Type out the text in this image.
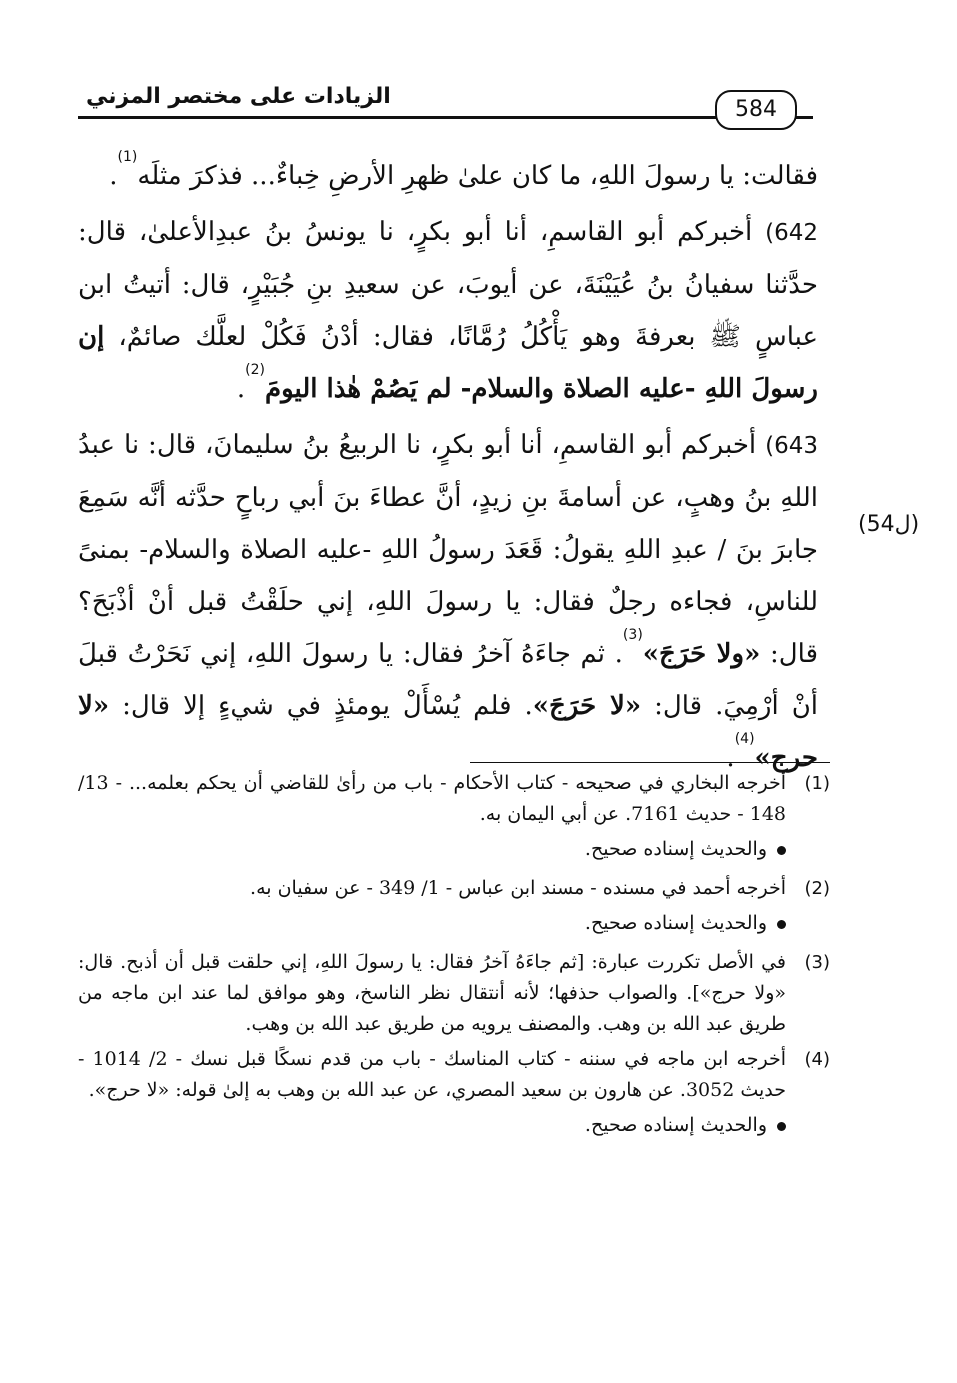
الزيادات على مختصر المزني
584
(ل54)

فقالت: يا رسولَ اللهِ، ما كان علىٰ ظهرِ الأرضِ خِباءٌ... فذكرَ مثلَه$^{(1)}$.

642) أخبركم أبو القاسمِ، أنا أبو بكرٍ، نا يونسُ بنُ عبدِالأعلىٰ، قال: حدَّثنا سفيانُ بنُ عُيَيْنَةَ، عن أيوبَ، عن سعيدِ بنِ جُبَيْرٍ، قال: أتيتُ ابن عباسٍ ﷺ بعرفةَ وهو يَأْكُلُ رُمَّانًا، فقال: أدْنُ فَكُلْ لعلَّك صائمٌ، إن رسولَ اللهِ -عليه الصلاة والسلام- لم يَصُمْ هٰذا اليومَ$^{(2)}$.

643) أخبركم أبو القاسمِ، أنا أبو بكرٍ، نا الربيعُ بنُ سليمانَ، قال: نا عبدُ اللهِ بنُ وهبٍ، عن أسامةَ بنِ زيدٍ، أنَّ عطاءَ بنَ أبي رباحٍ حدَّثه أنَّه سَمِعَ جابرَ بنَ / عبدِ اللهِ يقولُ: قَعَدَ رسولُ اللهِ -عليه الصلاة والسلام- بمنىً للناسِ، فجاءه رجلٌ فقال: يا رسولَ اللهِ، إني حلَقْتُ قبل أنْ أذْبَحَ؟ قال: «ولا حَرَجَ»$^{(3)}$. ثم جاءَهُ آخرُ فقال: يا رسولَ اللهِ، إني نَحَرْتُ قبلَ أنْ أرْمِيَ. قال: «لا حَرَجَ». فلم يُسْأَلْ يومئذٍ في شيءٍ إلا قال: «لا حرج»$^{(4)}$.

(1)
أخرجه البخاري في صحيحه - كتاب الأحكام - باب من رأىٰ للقاضي أن يحكم بعلمه... - 13/ 148 - حديث 7161. عن أبي اليمان به.
والحديث إسناده صحيح.
(2)
أخرجه أحمد في مسنده - مسند ابن عباس - 1/ 349 - عن سفيان به.
والحديث إسناده صحيح.
(3)
في الأصل تكررت عبارة: [ثم جاءَهُ آخرُ فقال: يا رسولَ اللهِ، إني حلقت قبل أن أذبح. قال: «ولا حرج»]. والصواب حذفها؛ لأنه أنتقال نظر الناسخ، وهو موافق لما عند ابن ماجه من طريق عبد الله بن وهب. والمصنف يرويه من طريق عبد الله بن وهب.
(4)
أخرجه ابن ماجه في سننه - كتاب المناسك - باب من قدم نسكًا قبل نسك - 2/ 1014 - حديث 3052. عن هارون بن سعيد المصري، عن عبد الله بن وهب به إلىٰ قوله: «لا حرج».
والحديث إسناده صحيح.
